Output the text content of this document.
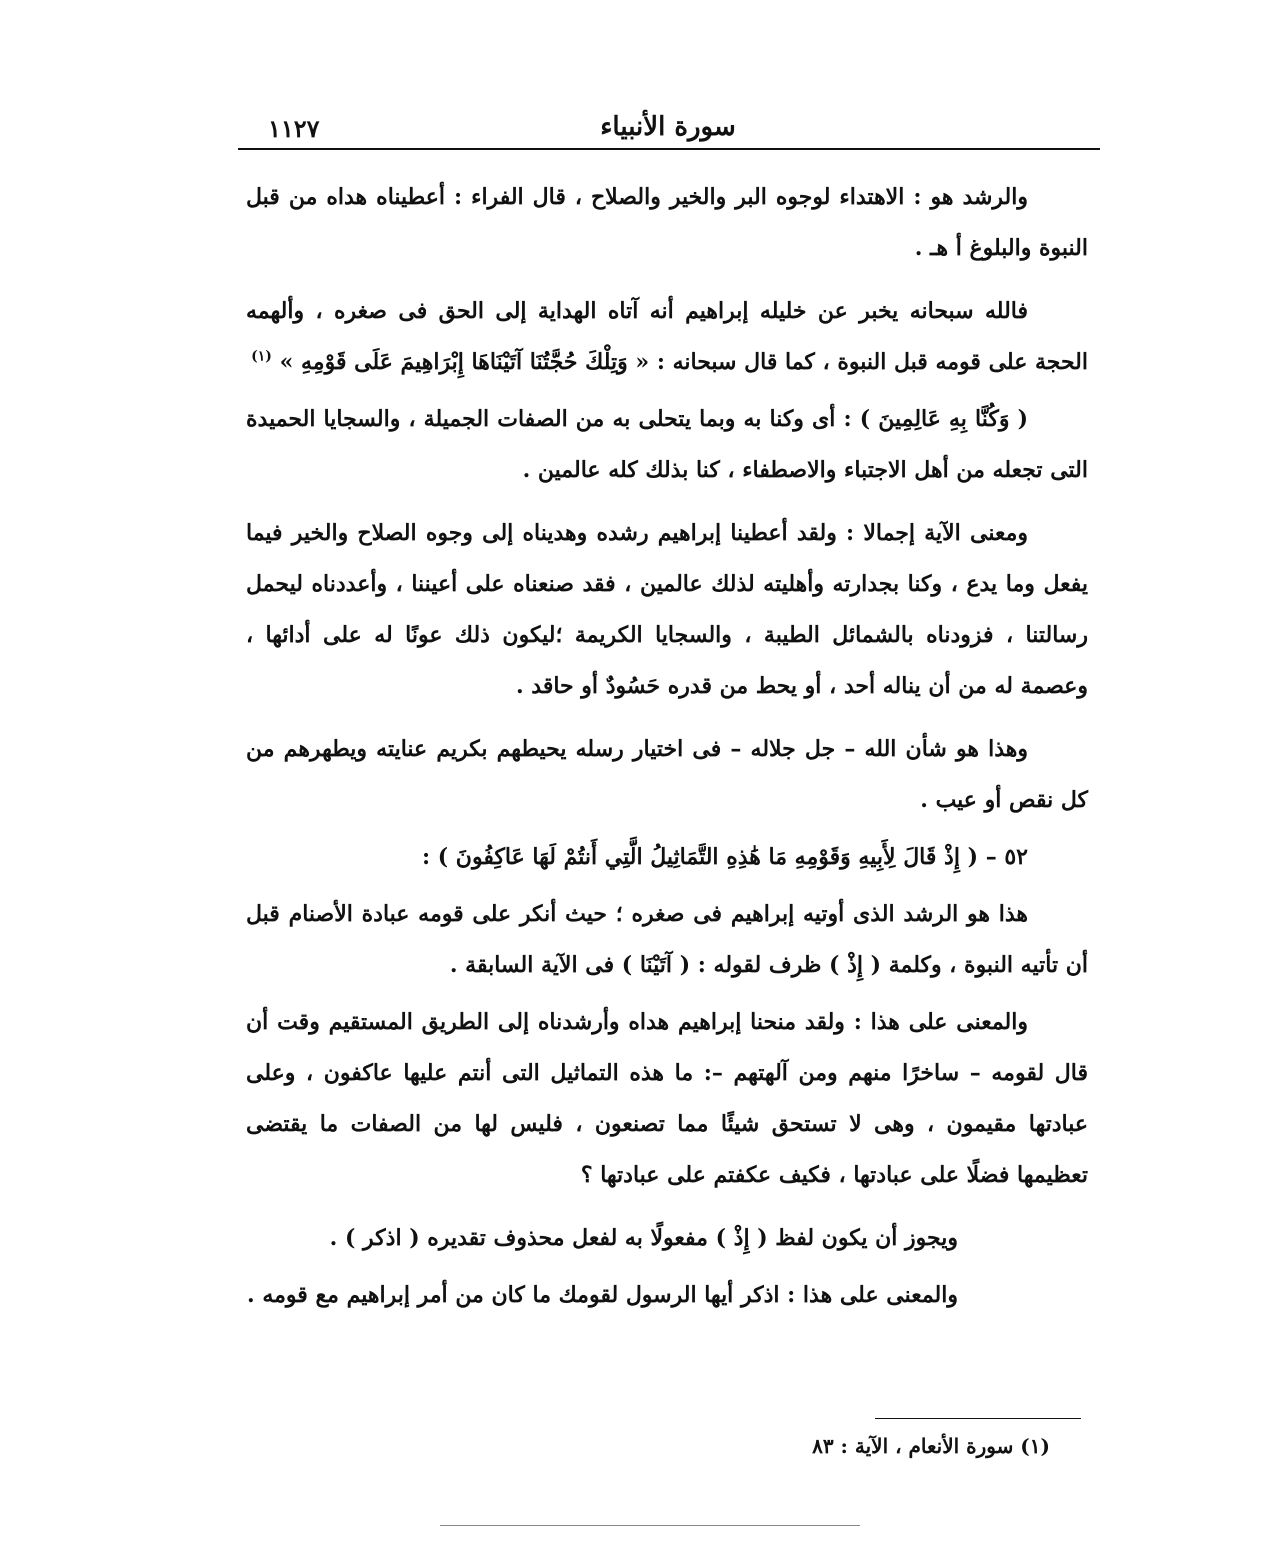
سورة الأنبياء
١١٢٧

والرشد هو : الاهتداء لوجوه البر والخير والصلاح ، قال الفراء : أعطيناه هداه من قبل النبوة والبلوغ أ هـ .

فالله سبحانه يخبر عن خليله إبراهيم أنه آتاه الهداية إلى الحق فى صغره ، وألهمه الحجة على قومه قبل النبوة ، كما قال سبحانه : « وَتِلْكَ حُجَّتُنَا آتَيْنَاهَا إِبْرَاهِيمَ عَلَى قَوْمِهِ » $^{(١)}$

( وَكُنَّا بِهِ عَالِمِينَ ) : أى وكنا به وبما يتحلى به من الصفات الجميلة ، والسجايا الحميدة التى تجعله من أهل الاجتباء والاصطفاء ، كنا بذلك كله عالمين .

ومعنى الآية إجمالا : ولقد أعطينا إبراهيم رشده وهديناه إلى وجوه الصلاح والخير فيما يفعل وما يدع ، وكنا بجدارته وأهليته لذلك عالمين ، فقد صنعناه على أعيننا ، وأعددناه ليحمل رسالتنا ، فزودناه بالشمائل الطيبة ، والسجايا الكريمة ؛ليكون ذلك عونًا له على أدائها ، وعصمة له من أن يناله أحد ، أو يحط من قدره حَسُودٌ أو حاقد .

وهذا هو شأن الله – جل جلاله – فى اختيار رسله يحيطهم بكريم عنايته ويطهرهم من كل نقص أو عيب .

٥٢ – ( إِذْ قَالَ لِأَبِيهِ وَقَوْمِهِ مَا هَٰذِهِ التَّمَاثِيلُ الَّتِي أَنتُمْ لَهَا عَاكِفُونَ ) :

هذا هو الرشد الذى أوتيه إبراهيم فى صغره ؛ حيث أنكر على قومه عبادة الأصنام قبل أن تأتيه النبوة ، وكلمة ( إِذْ ) ظرف لقوله : ( آتَيْنَا ) فى الآية السابقة .

والمعنى على هذا : ولقد منحنا إبراهيم هداه وأرشدناه إلى الطريق المستقيم وقت أن قال لقومه – ساخرًا منهم ومن آلهتهم –: ما هذه التماثيل التى أنتم عليها عاكفون ، وعلى عبادتها مقيمون ، وهى لا تستحق شيئًا مما تصنعون ، فليس لها من الصفات ما يقتضى تعظيمها فضلًا على عبادتها ، فكيف عكفتم على عبادتها ؟

ويجوز أن يكون لفظ ( إِذْ ) مفعولًا به لفعل محذوف تقديره ( اذكر ) .

والمعنى على هذا : اذكر أيها الرسول لقومك ما كان من أمر إبراهيم مع قومه .

(١) سورة الأنعام ، الآية : ٨٣
